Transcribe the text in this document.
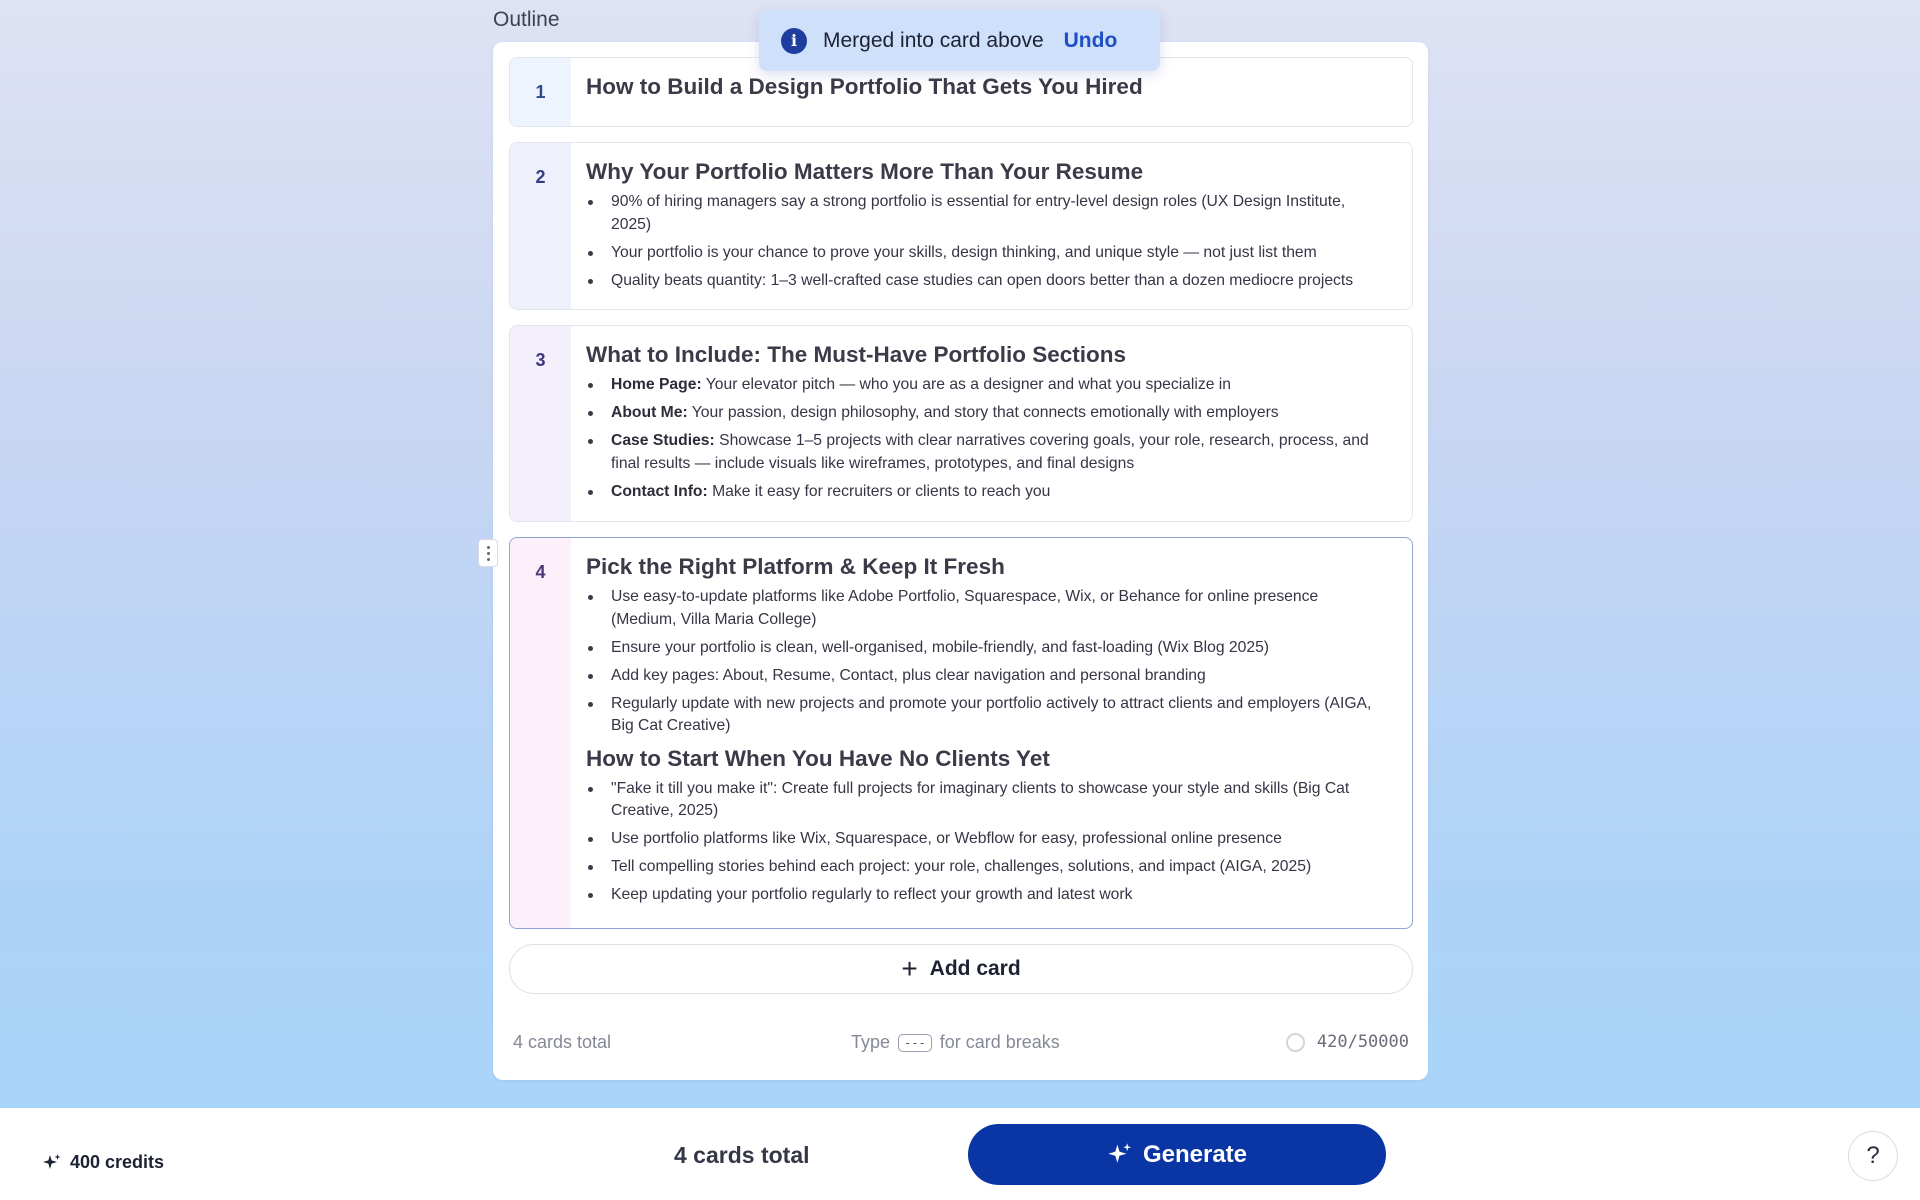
Outline
1	How to Build a Design Portfolio That Gets You Hired
2	Why Your Portfolio Matters More Than Your Resume
90% of hiring managers say a strong portfolio is essential for entry-level design roles (UX Design Institute, 2025)
Your portfolio is your chance to prove your skills, design thinking, and unique style — not just list them
Quality beats quantity: 1–3 well-crafted case studies can open doors better than a dozen mediocre projects
3	What to Include: The Must-Have Portfolio Sections
Home Page: Your elevator pitch — who you are as a designer and what you specialize in
About Me: Your passion, design philosophy, and story that connects emotionally with employers
Case Studies: Showcase 1–5 projects with clear narratives covering goals, your role, research, process, and final results — include visuals like wireframes, prototypes, and final designs
Contact Info: Make it easy for recruiters or clients to reach you
4	Pick the Right Platform & Keep It Fresh
Use easy-to-update platforms like Adobe Portfolio, Squarespace, Wix, or Behance for online presence (Medium, Villa Maria College)
Ensure your portfolio is clean, well-organised, mobile-friendly, and fast-loading (Wix Blog 2025)
Add key pages: About, Resume, Contact, plus clear navigation and personal branding
Regularly update with new projects and promote your portfolio actively to attract clients and employers (AIGA, Big Cat Creative)
How to Start When You Have No Clients Yet
"Fake it till you make it": Create full projects for imaginary clients to showcase your style and skills (Big Cat Creative, 2025)
Use portfolio platforms like Wix, Squarespace, or Webflow for easy, professional online presence
Tell compelling stories behind each project: your role, challenges, solutions, and impact (AIGA, 2025)
Keep updating your portfolio regularly to reflect your growth and latest work
+ Add card
4 cards total	Type	--- for card breaks	420/50000
i	Merged into card above Undo
400 credits	4 cards total	Generate	?
